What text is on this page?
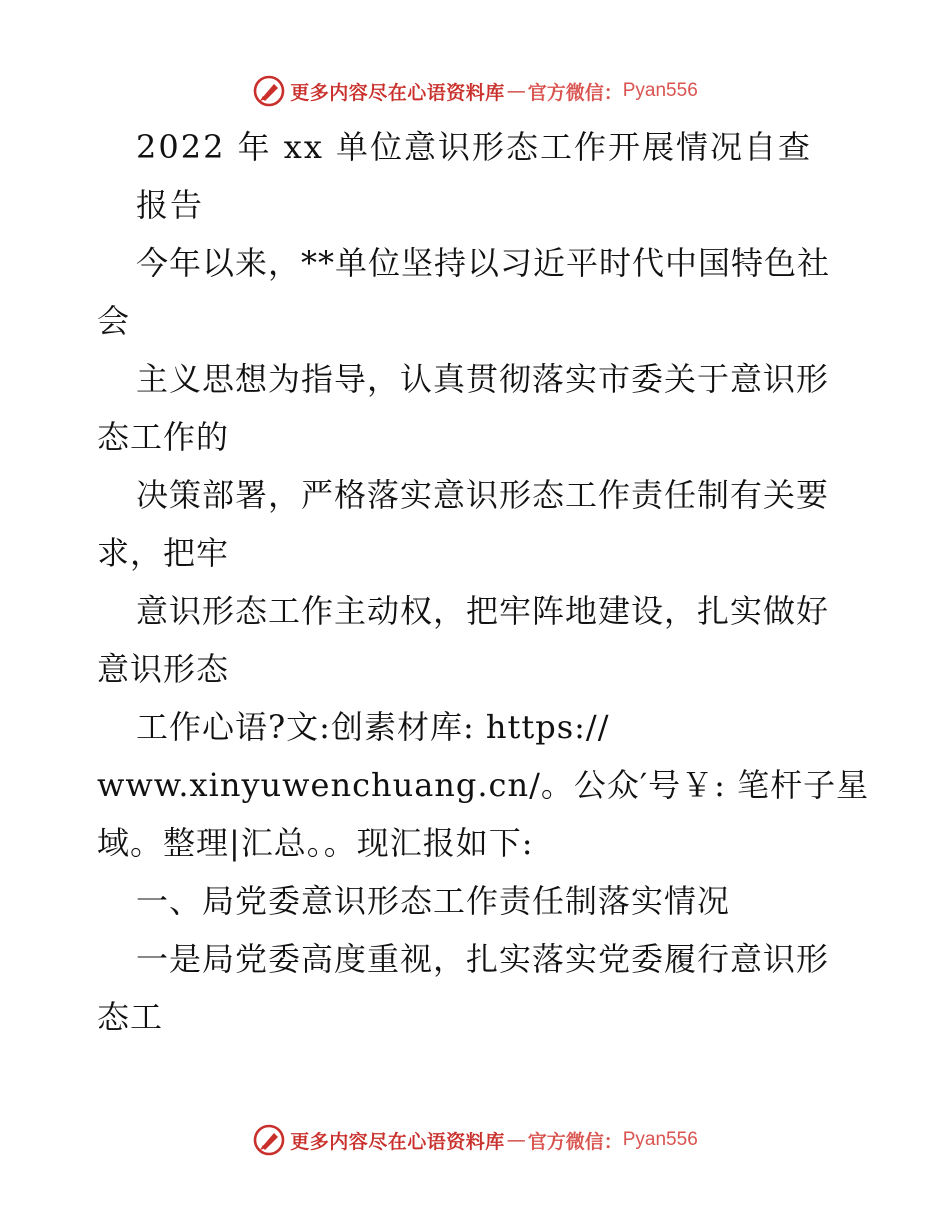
更多内容尽在心语资料库 — 官方微信： Pyan556
2022 年 xx 单位意识形态工作开展情况自查
报告
今年以来，**单位坚持以习近平时代中国特色社
会
主义思想为指导，认真贯彻落实市委关于意识形
态工作的
决策部署，严格落实意识形态工作责任制有关要
求，把牢
意识形态工作主动权，把牢阵地建设，扎实做好
意识形态
工作心语?文:创素材库: https://
www.xinyuwenchuang.cn/。公众′号￥: 笔杆子星
域。整理|汇总。。现汇报如下:
一、局党委意识形态工作责任制落实情况
一是局党委高度重视，扎实落实党委履行意识形
态工
更多内容尽在心语资料库 — 官方微信： Pyan556
